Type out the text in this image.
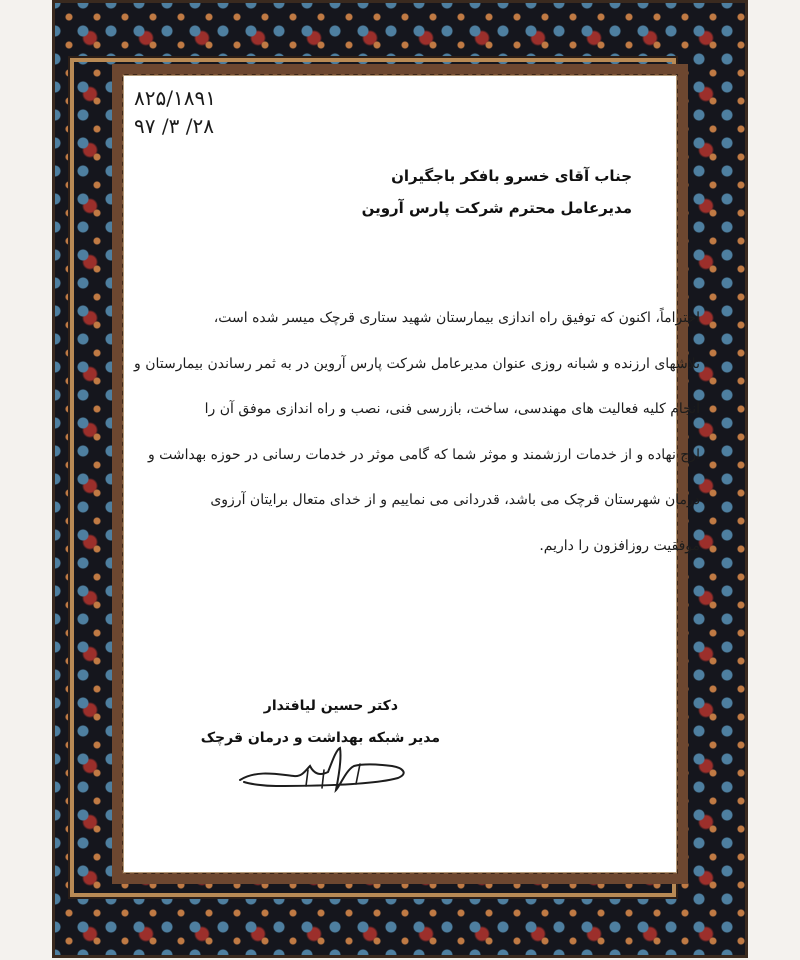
۸۲۵/۱۸۹۱
۲۸/ ۳/ ۹۷
جناب آقای خسرو بافکر باجگیران
مدیرعامل محترم شرکت پارس آروین
احتراماً، اکنون که توفیق راه اندازی بیمارستان شهید ستاری قرچک میسر شده است،
تلاشهای ارزنده و شبانه روزی عنوان مدیرعامل شرکت پارس آروین در به ثمر رساندن بیمارستان و
انجام کلیه فعالیت های مهندسی، ساخت، بازرسی فنی، نصب و راه اندازی موفق آن را
ارج نهاده و از خدمات ارزشمند و موثر شما که گامی موثر در خدمات رسانی در حوزه بهداشت و
درمان شهرستان قرچک می باشد، قدردانی می نماییم و از خدای متعال برایتان آرزوی
موفقیت روزافزون را داریم.
دکتر حسین لیافتدار
مدیر شبکه بهداشت و درمان قرچک
